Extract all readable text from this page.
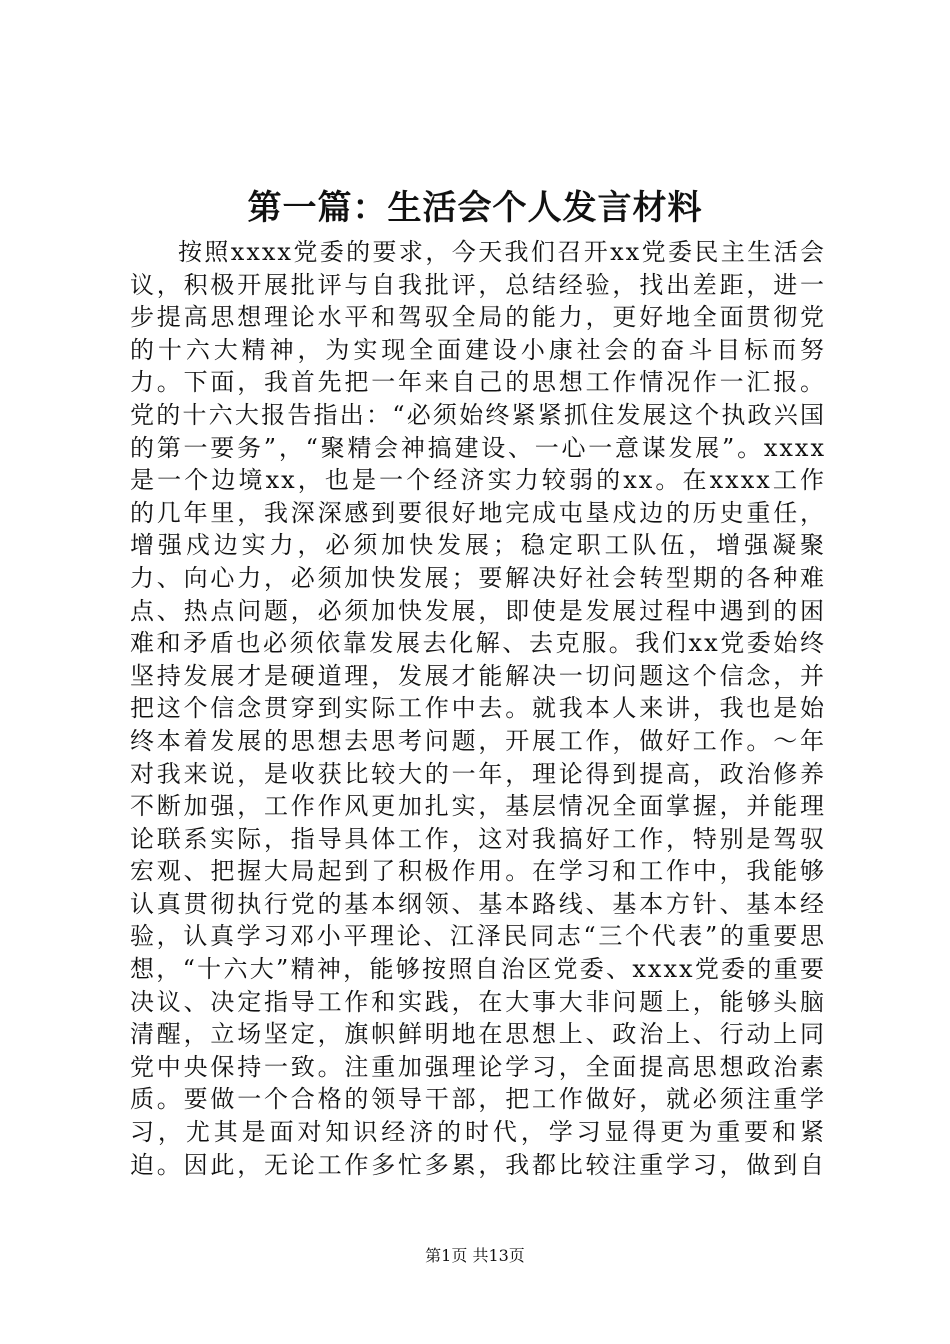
第一篇：生活会个人发言材料

按照xxxx党委的要求，今天我们召开xx党委民主生活会议，积极开展批评与自我批评，总结经验，找出差距，进一步提高思想理论水平和驾驭全局的能力，更好地全面贯彻党的十六大精神，为实现全面建设小康社会的奋斗目标而努力。下面，我首先把一年来自己的思想工作情况作一汇报。党的十六大报告指出：“必须始终紧紧抓住发展这个执政兴国的第一要务”，“聚精会神搞建设、一心一意谋发展”。xxxx是一个边境xx，也是一个经济实力较弱的xx。在xxxx工作的几年里，我深深感到要很好地完成屯垦戍边的历史重任，增强戍边实力，必须加快发展；稳定职工队伍，增强凝聚力、向心力，必须加快发展；要解决好社会转型期的各种难点、热点问题，必须加快发展，即使是发展过程中遇到的困难和矛盾也必须依靠发展去化解、去克服。我们xx党委始终坚持发展才是硬道理，发展才能解决一切问题这个信念，并把这个信念贯穿到实际工作中去。就我本人来讲，我也是始终本着发展的思想去思考问题，开展工作，做好工作。～年对我来说，是收获比较大的一年，理论得到提高，政治修养不断加强，工作作风更加扎实，基层情况全面掌握，并能理论联系实际，指导具体工作，这对我搞好工作，特别是驾驭宏观、把握大局起到了积极作用。在学习和工作中，我能够认真贯彻执行党的基本纲领、基本路线、基本方针、基本经验，认真学习邓小平理论、江泽民同志“三个代表”的重要思想，“十六大”精神，能够按照自治区党委、xxxx党委的重要决议、决定指导工作和实践，在大事大非问题上，能够头脑清醒，立场坚定，旗帜鲜明地在思想上、政治上、行动上同党中央保持一致。注重加强理论学习，全面提高思想政治素质。要做一个合格的领导干部，把工作做好，就必须注重学习，尤其是面对知识经济的时代，学习显得更为重要和紧迫。因此，无论工作多忙多累，我都比较注重学习，做到自

第1页 共13页
